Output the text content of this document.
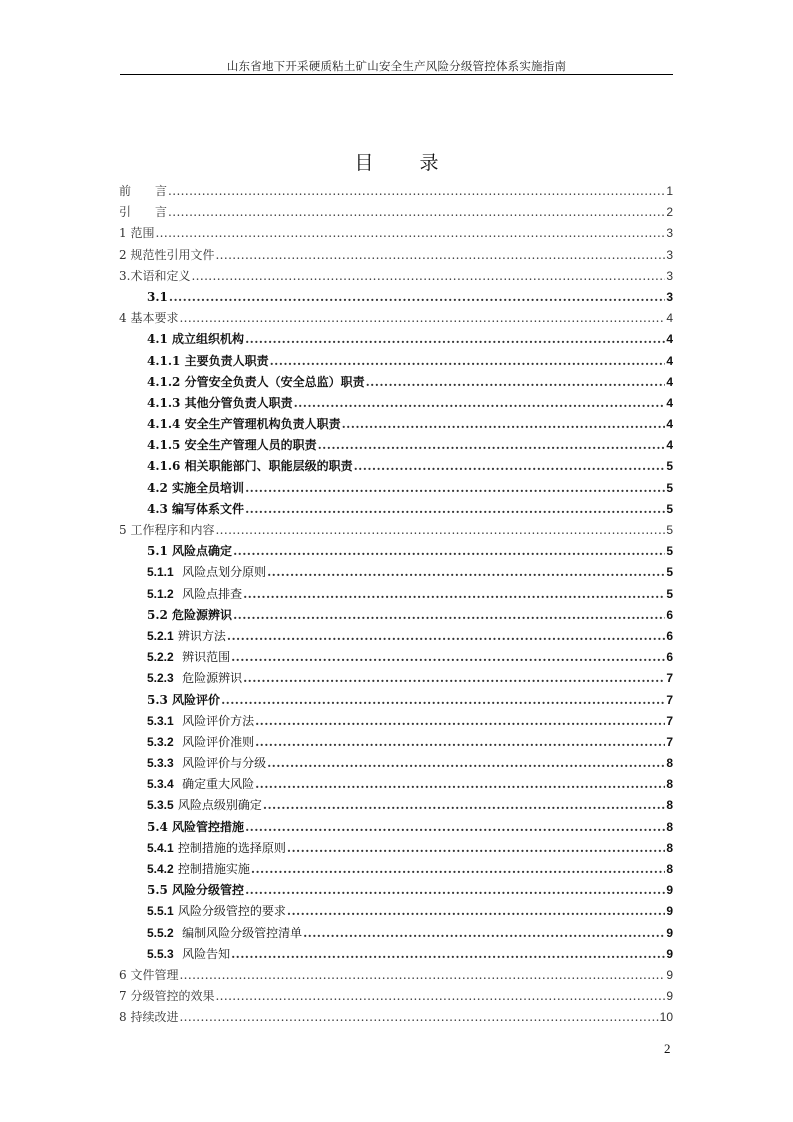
山东省地下开采硬质粘土矿山安全生产风险分级管控体系实施指南
目 录
前　　言 .....	1
引　　言 .....	2
1 范围 .....	3
2 规范性引用文件 .....	3
3.术语和定义 .....	3
3.1 .....	3
4 基本要求 .....	4
4.1 成立组织机构 .....	4
4.1.1 主要负责人职责 .....	4
4.1.2 分管安全负责人（安全总监）职责 .....	4
4.1.3 其他分管负责人职责 .....	4
4.1.4 安全生产管理机构负责人职责 .....	4
4.1.5 安全生产管理人员的职责 .....	4
4.1.6 相关职能部门、职能层级的职责 .....	5
4.2 实施全员培训 .....	5
4.3 编写体系文件 .....	5
5 工作程序和内容 .....	5
5.1 风险点确定 .....	5
5.1.1 风险点划分原则 .....	5
5.1.2 风险点排查 .....	5
5.2 危险源辨识 .....	6
5.2.1 辨识方法 .....	6
5.2.2 辨识范围 .....	6
5.2.3 危险源辨识 .....	7
5.3 风险评价 .....	7
5.3.1 风险评价方法 .....	7
5.3.2 风险评价准则 .....	7
5.3.3 风险评价与分级 .....	8
5.3.4 确定重大风险 .....	8
5.3.5 风险点级别确定 .....	8
5.4 风险管控措施 .....	8
5.4.1 控制措施的选择原则 .....	8
5.4.2 控制措施实施 .....	8
5.5 风险分级管控 .....	9
5.5.1 风险分级管控的要求 .....	9
5.5.2 编制风险分级管控清单 .....	9
5.5.3 风险告知 .....	9
6 文件管理 .....	9
7 分级管控的效果 .....	9
8 持续改进 .....	10
2
